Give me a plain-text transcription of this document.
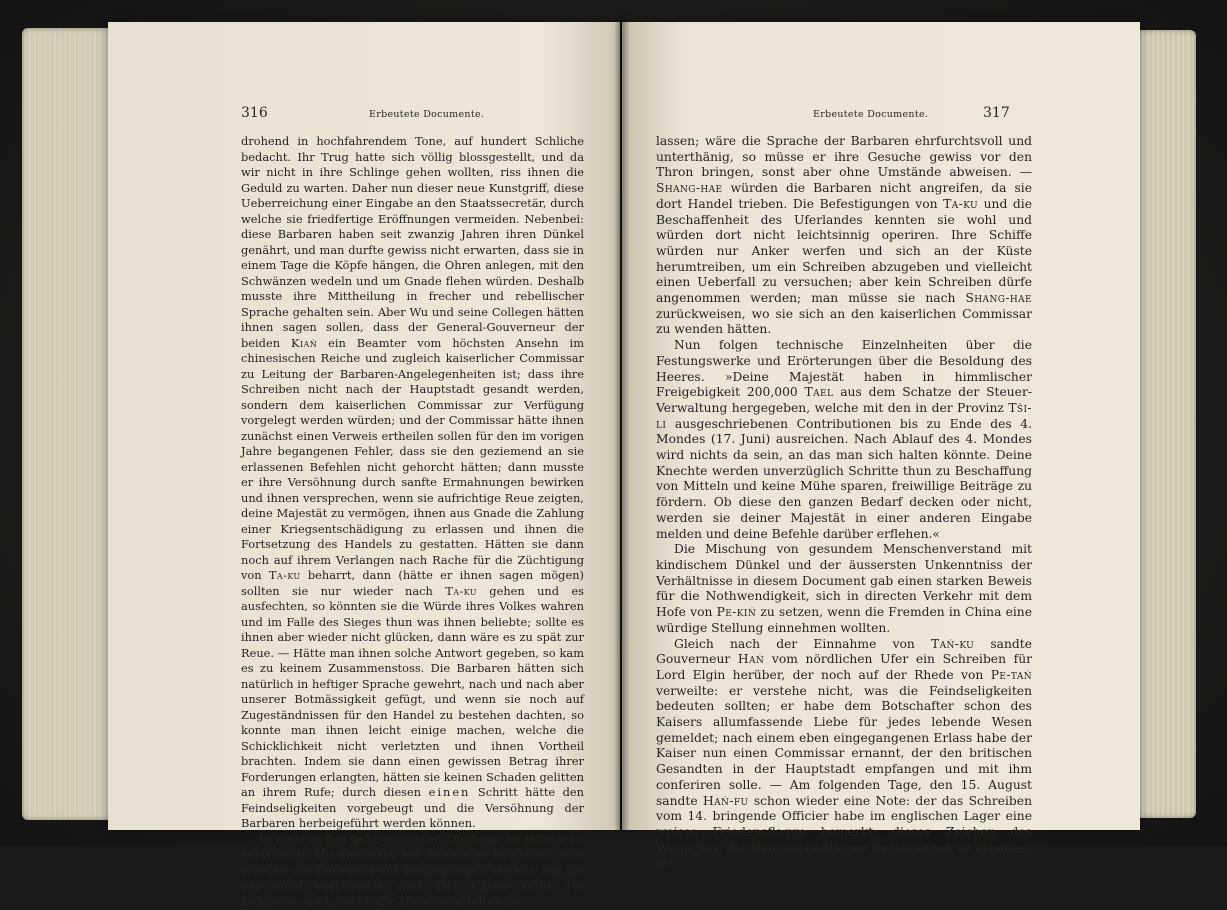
316	Erbeutete Documente.	Erbeutete Documente.	317

drohend in hochfahrendem Tone, auf hundert Schliche bedacht. Ihr Trug hatte sich völlig blossgestellt, und da wir nicht in ihre Schlinge gehen wollten, riss ihnen die Geduld zu warten. Daher nun dieser neue Kunstgriff, diese Ueberreichung einer Eingabe an den Staatssecretär, durch welche sie friedfertige Eröffnungen vermeiden. Nebenbei: diese Barbaren haben seit zwanzig Jahren ihren Dünkel genährt, und man durfte gewiss nicht erwarten, dass sie in einem Tage die Köpfe hängen, die Ohren anlegen, mit den Schwänzen wedeln und um Gnade flehen würden. Deshalb musste ihre Mittheilung in frecher und rebellischer Sprache gehalten sein. Aber Wu und seine Collegen hätten ihnen sagen sollen, dass der General-Gouverneur der beiden Kiań ein Beamter vom höchsten Ansehn im chinesischen Reiche und zugleich kaiserlicher Commissar zu Leitung der Barbaren-Angelegenheiten ist; dass ihre Schreiben nicht nach der Hauptstadt gesandt werden, sondern dem kaiserlichen Commissar zur Verfügung vorgelegt werden würden; und der Commissar hätte ihnen zunächst einen Verweis ertheilen sollen für den im vorigen Jahre begangenen Fehler, dass sie den geziemend an sie erlassenen Befehlen nicht gehorcht hätten; dann musste er ihre Versöhnung durch sanfte Ermahnungen bewirken und ihnen versprechen, wenn sie aufrichtige Reue zeigten, deine Majestät zu vermögen, ihnen aus Gnade die Zahlung einer Kriegsentschädigung zu erlassen und ihnen die Fortsetzung des Handels zu gestatten. Hätten sie dann noch auf ihrem Verlangen nach Rache für die Züchtigung von Ta-ku beharrt, dann (hätte er ihnen sagen mögen) sollten sie nur wieder nach Ta-ku gehen und es ausfechten, so könnten sie die Würde ihres Volkes wahren und im Falle des Sieges thun was ihnen beliebte; sollte es ihnen aber wieder nicht glücken, dann wäre es zu spät zur Reue. — Hätte man ihnen solche Antwort gegeben, so kam es zu keinem Zusammenstoss. Die Barbaren hätten sich natürlich in heftiger Sprache gewehrt, nach und nach aber unserer Botmässigkeit gefügt, und wenn sie noch auf Zugeständnissen für den Handel zu bestehen dachten, so konnte man ihnen leicht einige machen, welche die Schicklichkeit nicht verletzten und ihnen Vortheil brachten. Indem sie dann einen gewissen Betrag ihrer Forderungen erlangten, hätten sie keinen Schaden gelitten an ihrem Rufe; durch diesen einen Schritt hätte den Feindseligkeiten vorgebeugt und die Versöhnung der Barbaren herbeigeführt werden können.

In diesem Ton geht es weiter. Die Lage ist jetzt sehr verwickelt; Ho-kwei-tsiń hat Schwäche bewiesen; nun werden die Barbaren uns Bedingungen stellen, auf die wir nicht vorbereitet sind. Der Kaiser sollte Ho anweisen, sich durch die Umstände leiten zu

lassen; wäre die Sprache der Barbaren ehrfurchtsvoll und unterthänig, so müsse er ihre Gesuche gewiss vor den Thron bringen, sonst aber ohne Umstände abweisen. — Shang-hae würden die Barbaren nicht angreifen, da sie dort Handel trieben. Die Befestigungen von Ta-ku und die Beschaffenheit des Uferlandes kennten sie wohl und würden dort nicht leichtsinnig operiren. Ihre Schiffe würden nur Anker werfen und sich an der Küste herumtreiben, um ein Schreiben abzugeben und vielleicht einen Ueberfall zu versuchen; aber kein Schreiben dürfe angenommen werden; man müsse sie nach Shang-hae zurückweisen, wo sie sich an den kaiserlichen Commissar zu wenden hätten.

Nun folgen technische Einzelnheiten über die Festungswerke und Erörterungen über die Besoldung des Heeres. »Deine Majestät haben in himmlischer Freigebigkeit 200,000 Tael aus dem Schatze der Steuer-Verwaltung hergegeben, welche mit den in der Provinz Tši-li ausgeschriebenen Contributionen bis zu Ende des 4. Mondes (17. Juni) ausreichen. Nach Ablauf des 4. Mondes wird nichts da sein, an das man sich halten könnte. Deine Knechte werden unverzüglich Schritte thun zu Beschaffung von Mitteln und keine Mühe sparen, freiwillige Beiträge zu fördern. Ob diese den ganzen Bedarf decken oder nicht, werden sie deiner Majestät in einer anderen Eingabe melden und deine Befehle darüber erflehen.«

Die Mischung von gesundem Menschenverstand mit kindischem Dünkel und der äussersten Unkenntniss der Verhältnisse in diesem Document gab einen starken Beweis für die Nothwendigkeit, sich in directen Verkehr mit dem Hofe von Pe-kiń zu setzen, wenn die Fremden in China eine würdige Stellung einnehmen wollten.

Gleich nach der Einnahme von Tań-ku sandte Gouverneur Hań vom nördlichen Ufer ein Schreiben für Lord Elgin herüber, der noch auf der Rhede von Pe-tań verweilte: er verstehe nicht, was die Feindseligkeiten bedeuten sollten; er habe dem Botschafter schon des Kaisers allumfassende Liebe für jedes lebende Wesen gemeldet; nach einem eben eingegangenen Erlass habe der Kaiser nun einen Commissar ernannt, der den britischen Gesandten in der Hauptstadt empfangen und mit ihm conferiren solle. — Am folgenden Tage, den 15. August sandte Hań-fu schon wieder eine Note: der das Schreiben vom 14. bringende Officier habe im englischen Lager eine weisse Friedensflagge bemerkt; dieses Zeichen des Wunsches, die freundschaftlichen Beziehungen zu erhalten, sei
